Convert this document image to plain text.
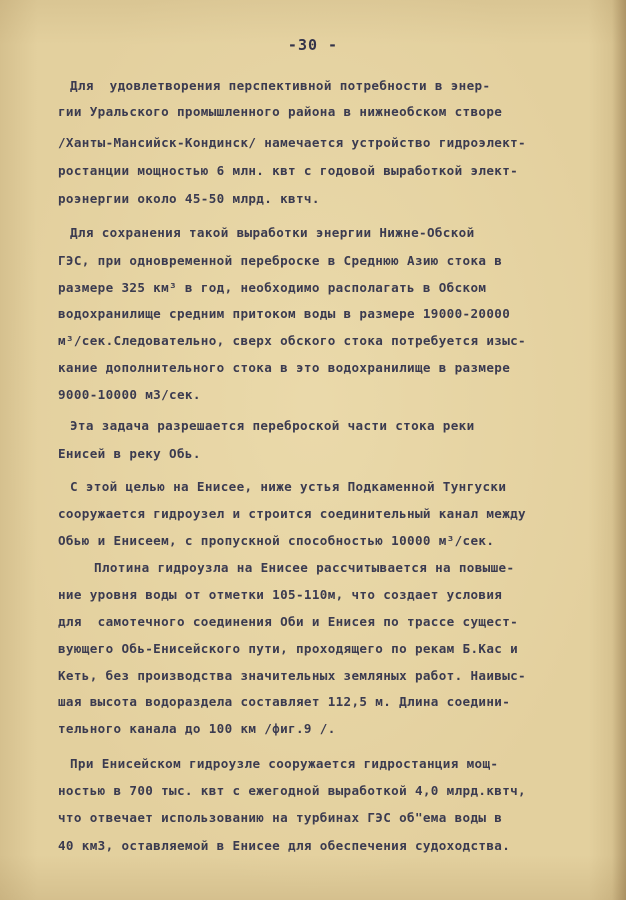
-30 -
Для  удовлетворения перспективной потребности в энер-
гии Уральского промышленного района в нижнеобском створе
/Ханты-Мансийск-Кондинск/ намечается устройство гидроэлект-
ростанции мощностью 6 млн. квт с годовой выработкой элект-
роэнергии около 45-50 млрд. квтч.
Для сохранения такой выработки энергии Нижне-Обской
ГЭС, при одновременной переброске в Среднюю Азию стока в
размере 325 км³ в год, необходимо располагать в Обском
водохранилище средним притоком воды в размере 19000-20000
м³/сек.Следовательно, сверх обского стока потребуется изыс-
кание дополнительного стока в это водохранилище в размере
9000-10000 м3/сек.
Эта задача разрешается переброской части стока реки
Енисей в реку Обь.
С этой целью на Енисее, ниже устья Подкаменной Тунгуски
сооружается гидроузел и строится соединительный канал между
Обью и Енисеем, с пропускной способностью 10000 м³/сек.
Плотина гидроузла на Енисее рассчитывается на повыше-
ние уровня воды от отметки 105-110м, что создает условия
для  самотечного соединения Оби и Енисея по трассе сущест-
вующего Обь-Енисейского пути, проходящего по рекам Б.Кас и
Кеть, без производства значительных земляных работ. Наивыс-
шая высота водораздела составляет 112,5 м. Длина соедини-
тельного канала до 100 км /фиг.9 /.
При Енисейском гидроузле сооружается гидростанция мощ-
ностью в 700 тыс. квт с ежегодной выработкой 4,0 млрд.квтч,
что отвечает использованию на турбинах ГЭС об"ема воды в
40 км3, оставляемой в Енисее для обеспечения судоходства.
